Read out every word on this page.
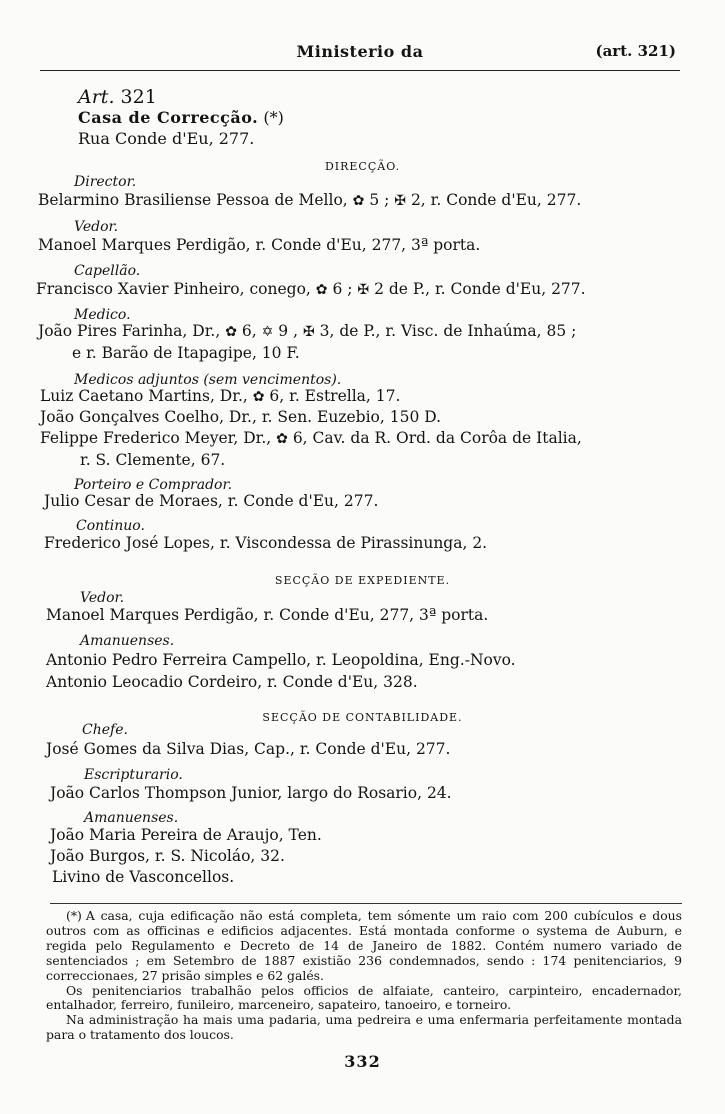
Ministerio da	(art. 321)
Art. 321
Casa de Correcção. (*)
Rua Conde d'Eu, 277.
DIRECÇÃO.
Director.
Belarmino Brasiliense Pessoa de Mello, ✿ 5 ; ✠ 2, r. Conde d'Eu, 277.
Vedor.
Manoel Marques Perdigão, r. Conde d'Eu, 277, 3ª porta.
Capellão.
Francisco Xavier Pinheiro, conego, ✿ 6 ; ✠ 2 de P., r. Conde d'Eu, 277.
Medico.
João Pires Farinha, Dr., ✿ 6, ✡ 9 , ✠ 3, de P., r. Visc. de Inhaúma, 85 ;
e r. Barão de Itapagipe, 10 F.
Medicos adjuntos (sem vencimentos).
Luiz Caetano Martins, Dr., ✿ 6, r. Estrella, 17.
João Gonçalves Coelho, Dr., r. Sen. Euzebio, 150 D.
Felippe Frederico Meyer, Dr., ✿ 6, Cav. da R. Ord. da Corôa de Italia,
r. S. Clemente, 67.
Porteiro e Comprador.
Julio Cesar de Moraes, r. Conde d'Eu, 277.
Continuo.
Frederico José Lopes, r. Viscondessa de Pirassinunga, 2.
SECÇÃO DE EXPEDIENTE.
Vedor.
Manoel Marques Perdigão, r. Conde d'Eu, 277, 3ª porta.
Amanuenses.
Antonio Pedro Ferreira Campello, r. Leopoldina, Eng.-Novo.
Antonio Leocadio Cordeiro, r. Conde d'Eu, 328.
SECÇÃO DE CONTABILIDADE.
Chefe.
José Gomes da Silva Dias, Cap., r. Conde d'Eu, 277.
Escripturario.
João Carlos Thompson Junior, largo do Rosario, 24.
Amanuenses.
João Maria Pereira de Araujo, Ten.
João Burgos, r. S. Nicoláo, 32.
Livino de Vasconcellos.

(*) A casa, cuja edificação não está completa, tem sómente um raio com 200 cubículos e dous outros com as officinas e edificios adjacentes. Está montada conforme o systema de Auburn, e regida pelo Regulamento e Decreto de 14 de Janeiro de 1882. Contém numero variado de sentenciados ; em Setembro de 1887 existião 236 condemnados, sendo : 174 penitenciarios, 9 correccionaes, 27 prisão simples e 62 galés.

Os penitenciarios trabalhão pelos officios de alfaiate, canteiro, carpinteiro, encadernador, entalhador, ferreiro, funileiro, marceneiro, sapateiro, tanoeiro, e torneiro.

Na administração ha mais uma padaria, uma pedreira e uma enfermaria perfeitamente montada para o tratamento dos loucos.

332
